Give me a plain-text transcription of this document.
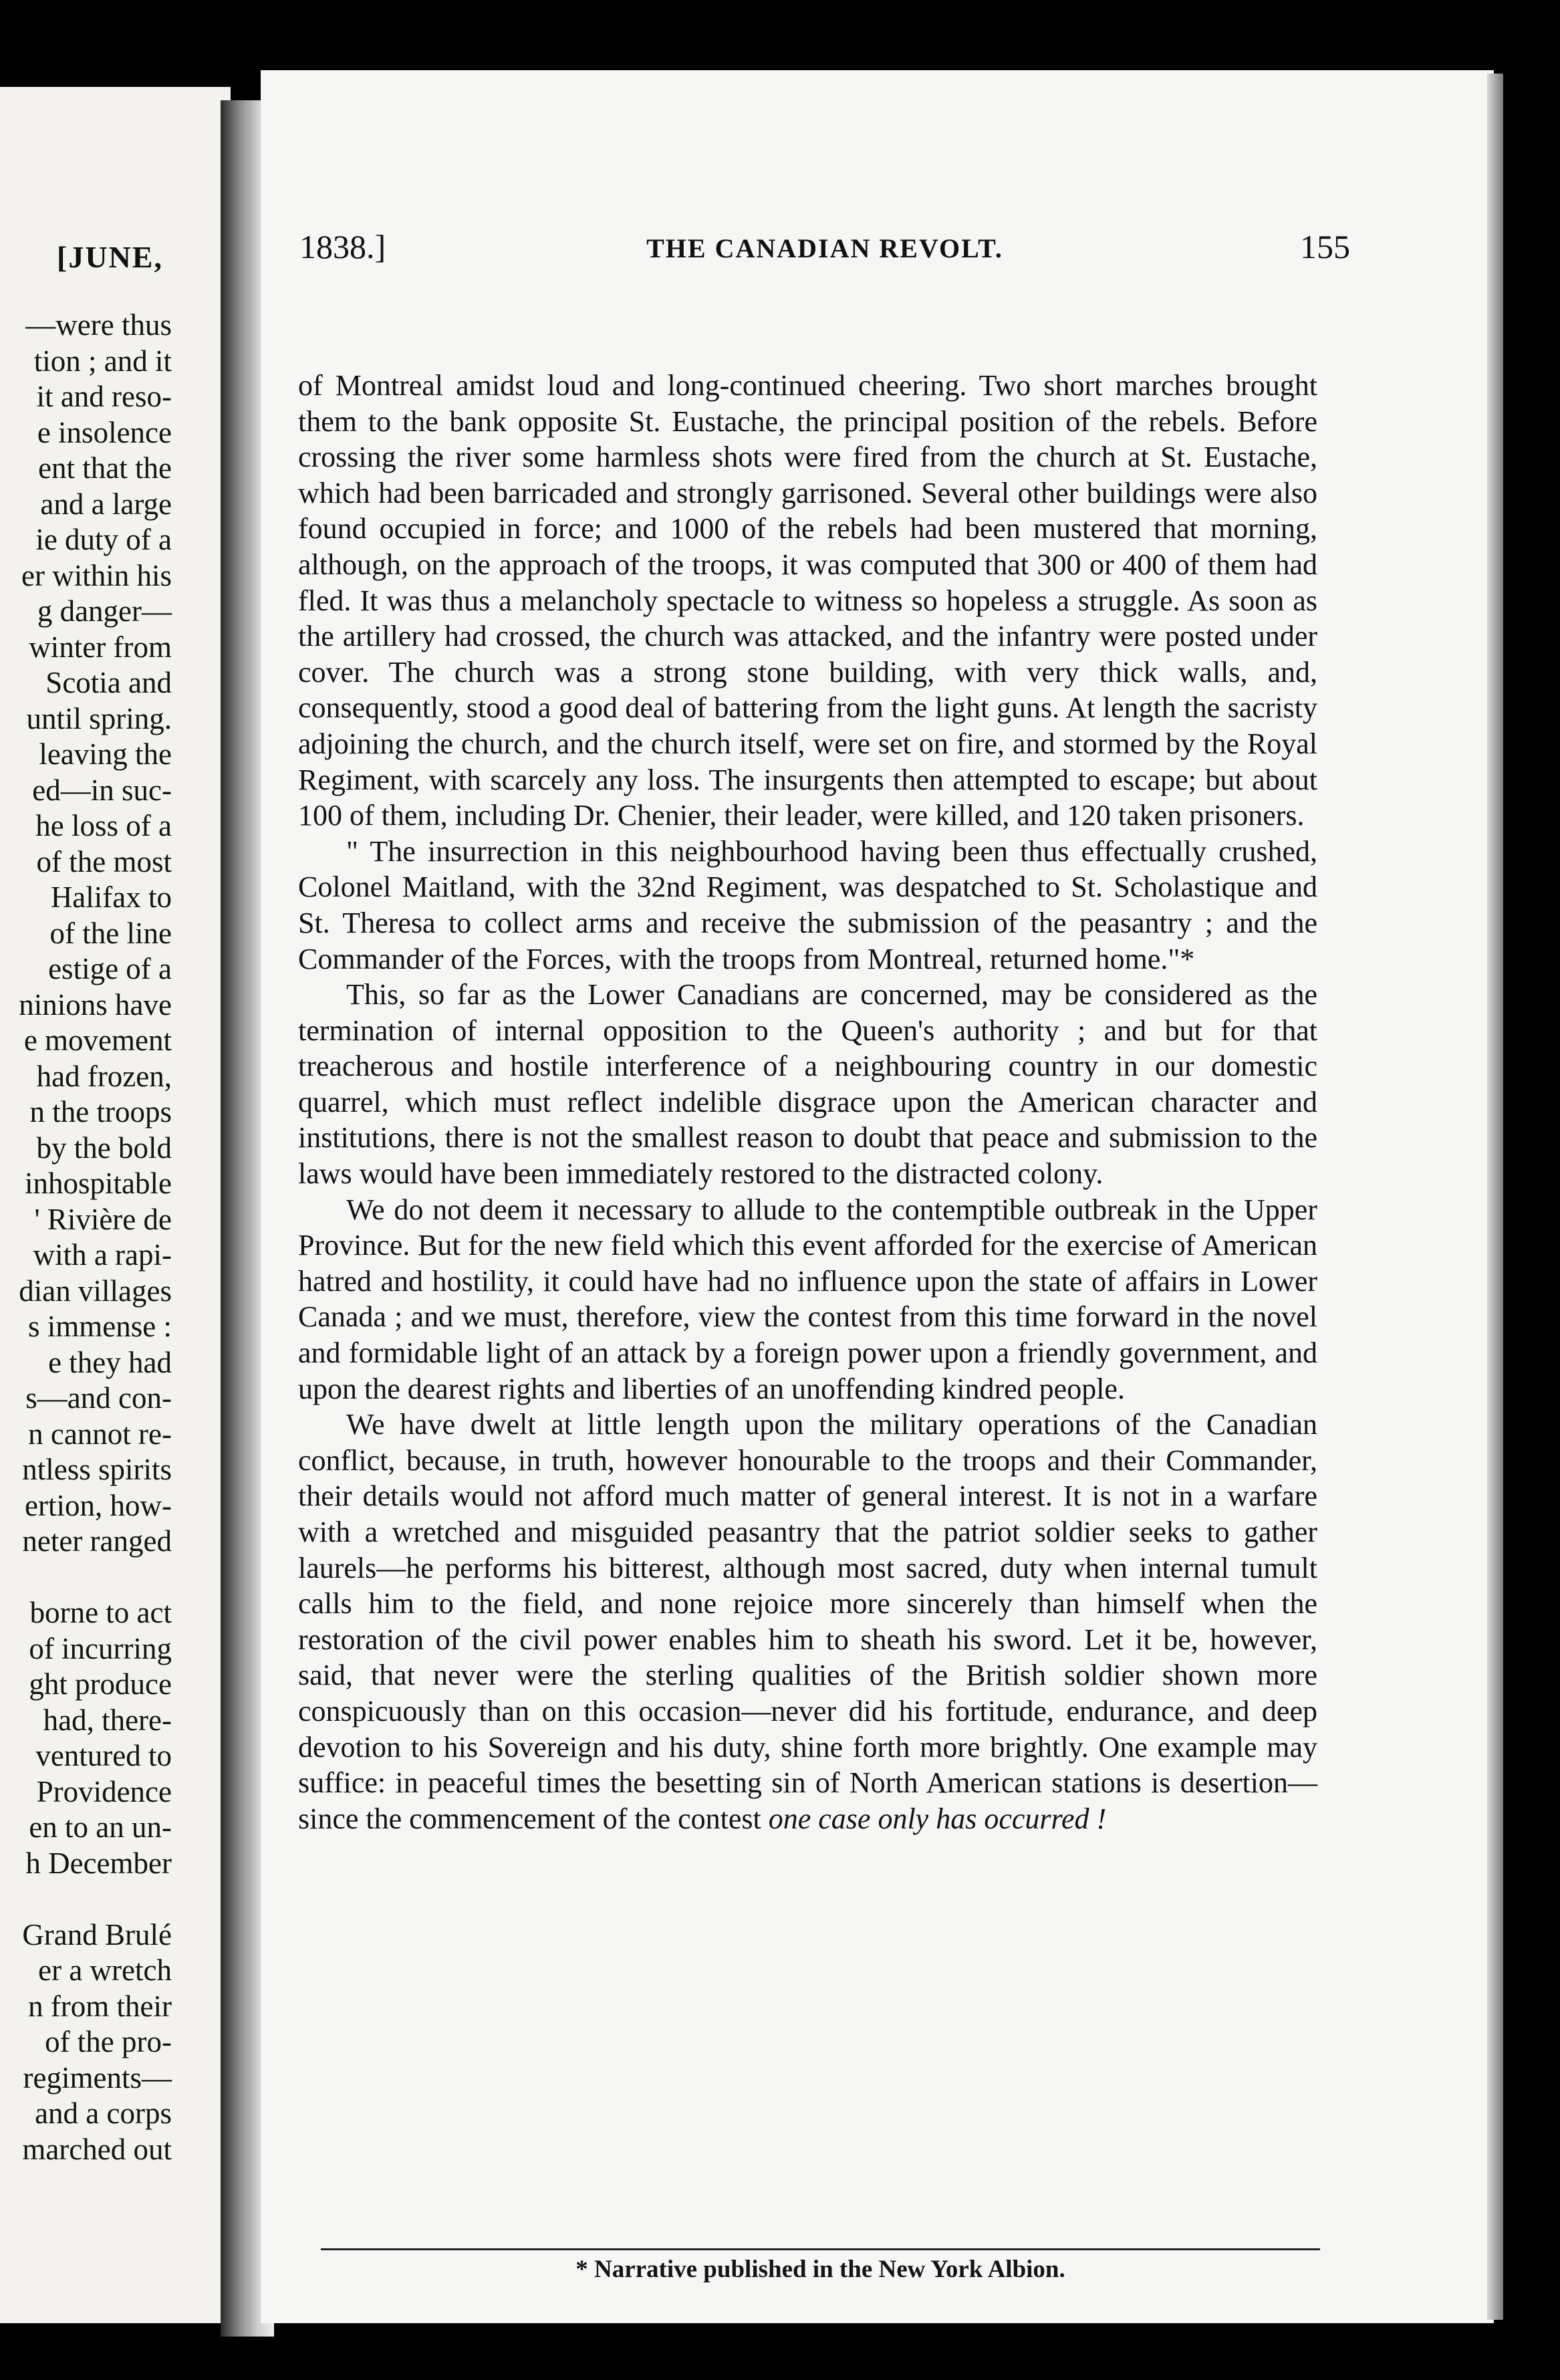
[JUNE,
—were thus
tion ; and it
it and reso-
e insolence
ent that the
and a large
ie duty of a
er within his
g danger—
winter from
Scotia and
until spring.
leaving the
ed—in suc-
he loss of a
of the most
Halifax to
of the line
estige of a
ninions have
e movement
had frozen,
n the troops
by the bold
inhospitable
' Rivière de
with a rapi-
dian villages
s immense :
e they had
s—and con-
n cannot re-
ntless spirits
ertion, how-
neter ranged
borne to act
of incurring
ght produce
had, there-
ventured to
Providence
en to an un-
h December
Grand Brulé
er a wretch
n from their
of the pro-
regiments—
and a corps
marched out
1838.]	THE CANADIAN REVOLT.	155

of Montreal amidst loud and long-continued cheering. Two short marches brought them to the bank opposite St. Eustache, the principal position of the rebels. Before crossing the river some harmless shots were fired from the church at St. Eustache, which had been barricaded and strongly garrisoned. Several other buildings were also found occupied in force; and 1000 of the rebels had been mustered that morning, although, on the approach of the troops, it was computed that 300 or 400 of them had fled. It was thus a melancholy spectacle to witness so hopeless a struggle. As soon as the artillery had crossed, the church was attacked, and the infantry were posted under cover. The church was a strong stone building, with very thick walls, and, consequently, stood a good deal of battering from the light guns. At length the sacristy adjoining the church, and the church itself, were set on fire, and stormed by the Royal Regiment, with scarcely any loss. The insurgents then attempted to escape; but about 100 of them, including Dr. Chenier, their leader, were killed, and 120 taken prisoners.

" The insurrection in this neighbourhood having been thus effectually crushed, Colonel Maitland, with the 32nd Regiment, was despatched to St. Scholastique and St. Theresa to collect arms and receive the submission of the peasantry ; and the Commander of the Forces, with the troops from Montreal, returned home."*

This, so far as the Lower Canadians are concerned, may be considered as the termination of internal opposition to the Queen's authority ; and but for that treacherous and hostile interference of a neighbouring country in our domestic quarrel, which must reflect indelible disgrace upon the American character and institutions, there is not the smallest reason to doubt that peace and submission to the laws would have been immediately restored to the distracted colony.

We do not deem it necessary to allude to the contemptible outbreak in the Upper Province. But for the new field which this event afforded for the exercise of American hatred and hostility, it could have had no influence upon the state of affairs in Lower Canada ; and we must, therefore, view the contest from this time forward in the novel and formidable light of an attack by a foreign power upon a friendly government, and upon the dearest rights and liberties of an unoffending kindred people.

We have dwelt at little length upon the military operations of the Canadian conflict, because, in truth, however honourable to the troops and their Commander, their details would not afford much matter of general interest. It is not in a warfare with a wretched and misguided peasantry that the patriot soldier seeks to gather laurels—he performs his bitterest, although most sacred, duty when internal tumult calls him to the field, and none rejoice more sincerely than himself when the restoration of the civil power enables him to sheath his sword. Let it be, however, said, that never were the sterling qualities of the British soldier shown more conspicuously than on this occasion—never did his fortitude, endurance, and deep devotion to his Sovereign and his duty, shine forth more brightly. One example may suffice: in peaceful times the besetting sin of North American stations is desertion—since the commencement of the contest one case only has occurred !

* Narrative published in the New York Albion.
